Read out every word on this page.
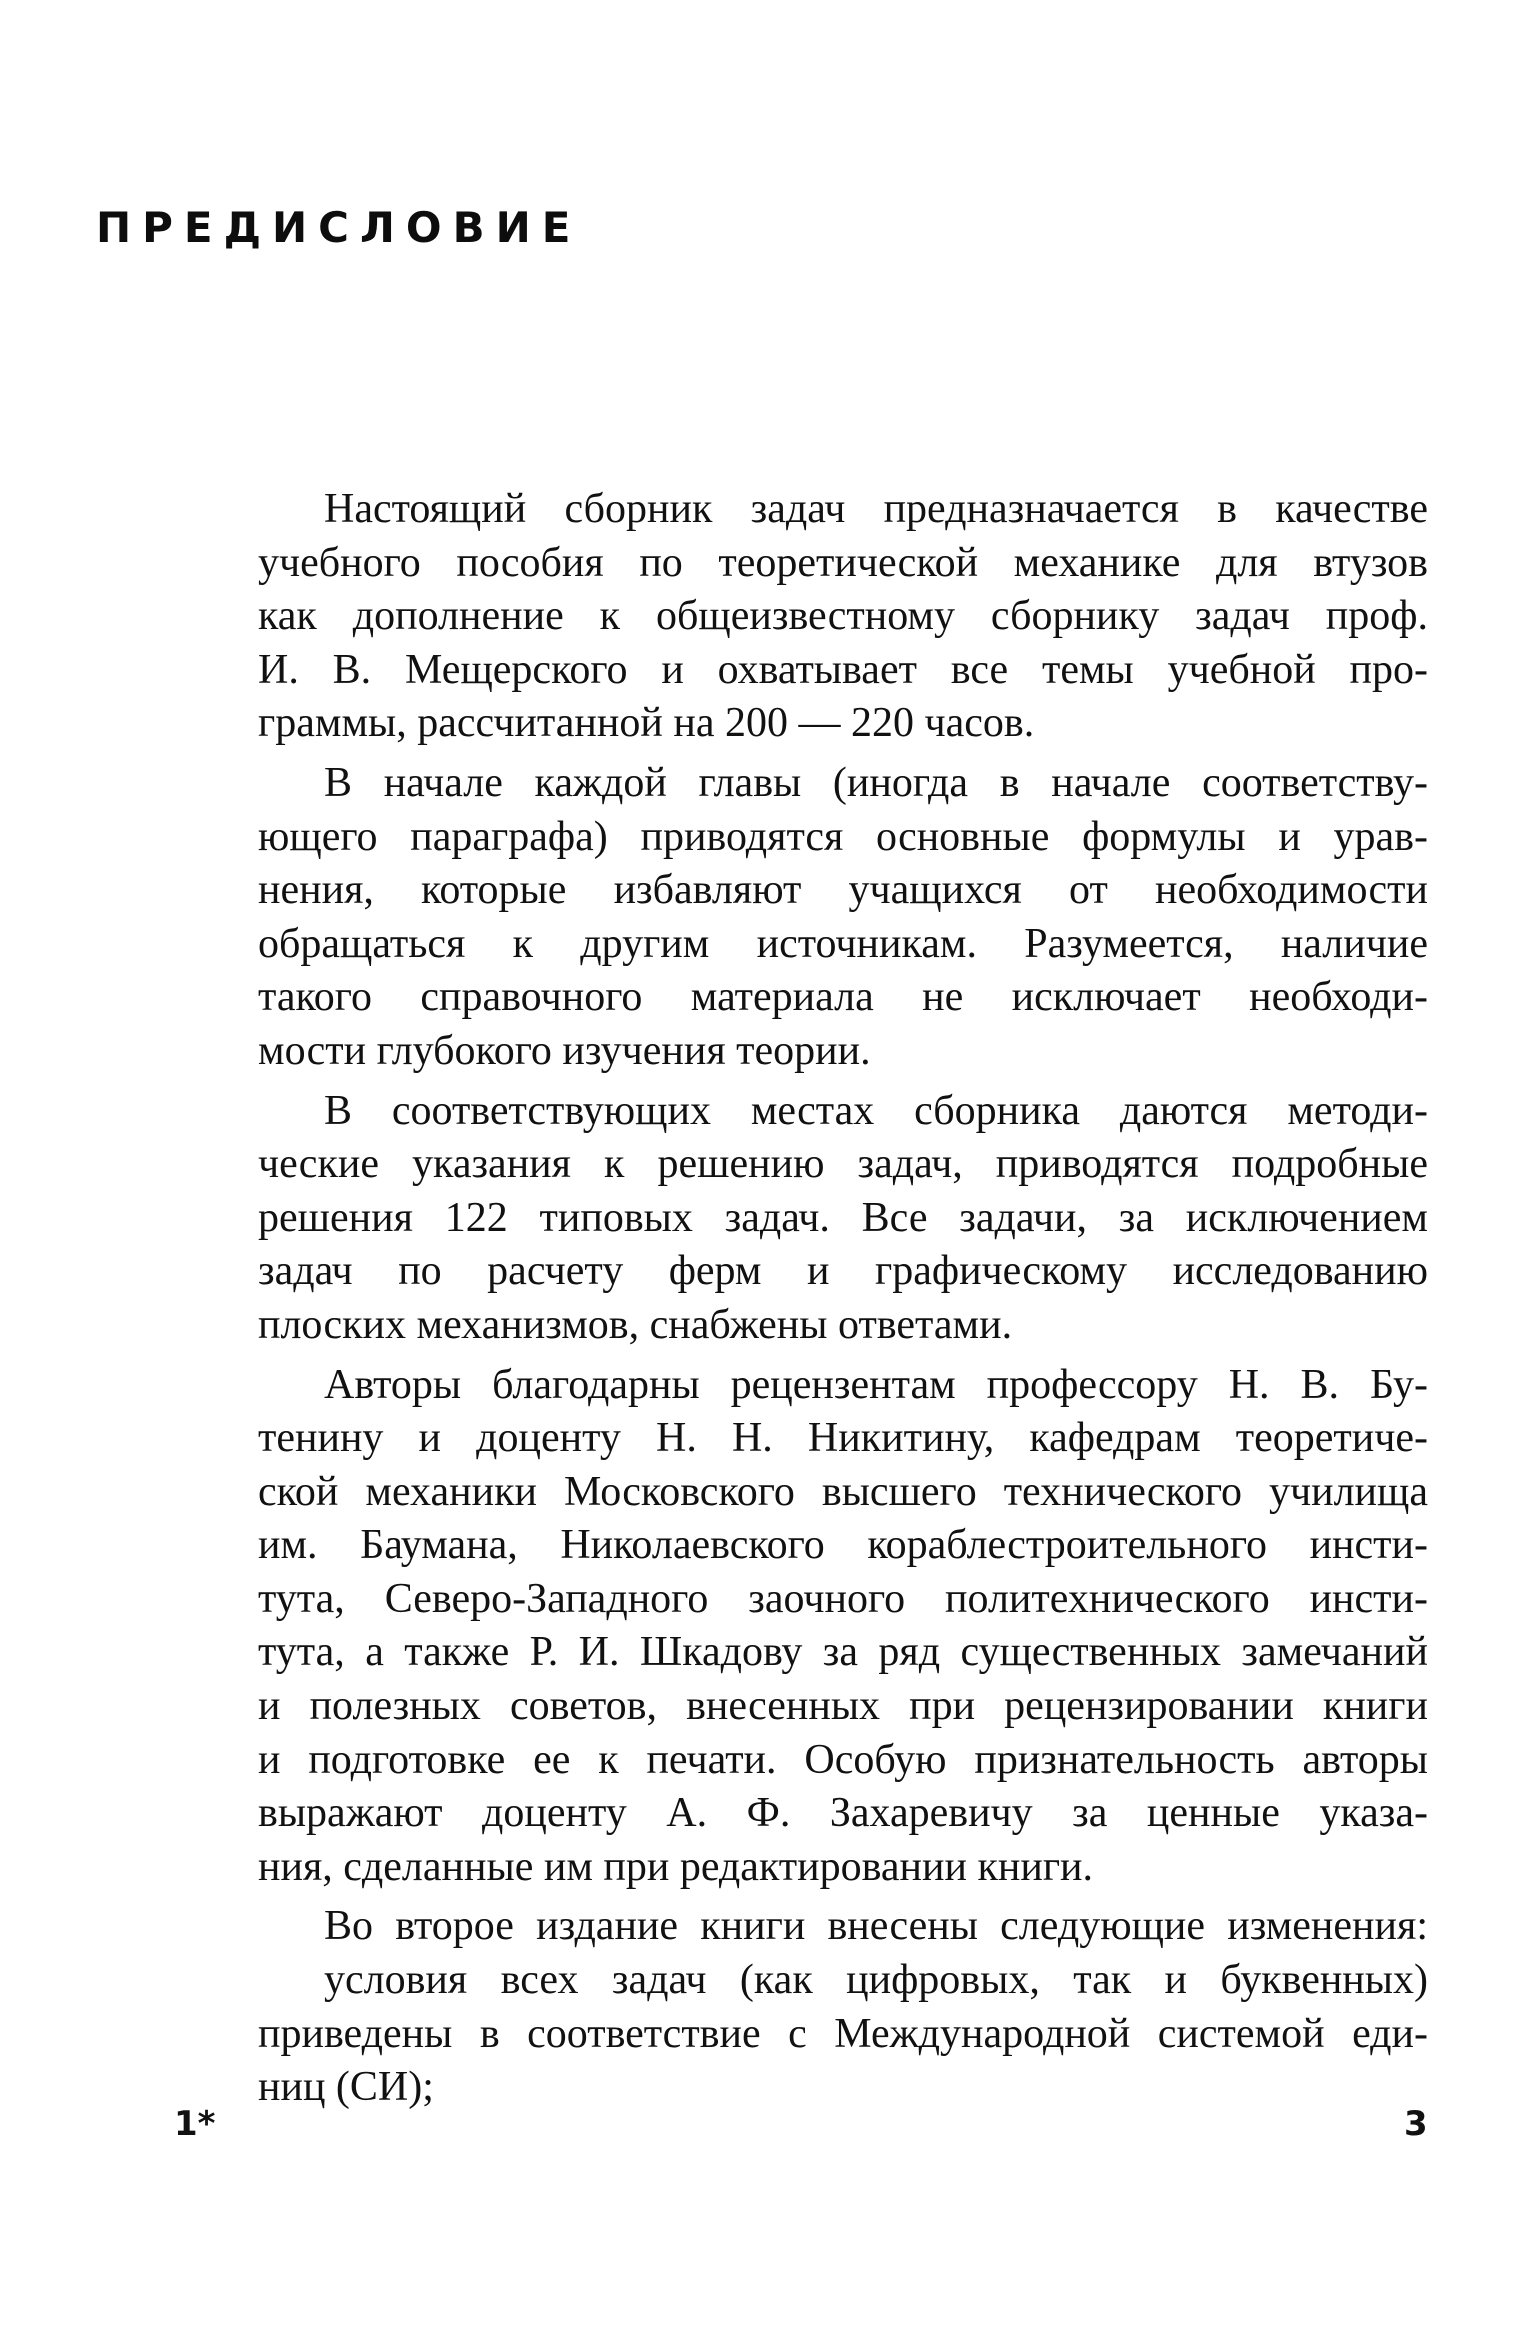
ПРЕДИСЛОВИЕ
Настоящий сборник задач предназначается в качестве
учебного пособия по теоретической механике для втузов
как дополнение к общеизвестному сборнику задач проф.
И. В. Мещерского и охватывает все темы учебной про-
граммы, рассчитанной на 200 — 220 часов.
В начале каждой главы (иногда в начале соответству-
ющего параграфа) приводятся основные формулы и урав-
нения, которые избавляют учащихся от необходимости
обращаться к другим источникам. Разумеется, наличие
такого справочного материала не исключает необходи-
мости глубокого изучения теории.
В соответствующих местах сборника даются методи-
ческие указания к решению задач, приводятся подробные
решения 122 типовых задач. Все задачи, за исключением
задач по расчету ферм и графическому исследованию
плоских механизмов, снабжены ответами.
Авторы благодарны рецензентам профессору Н. В. Бу-
тенину и доценту Н. Н. Никитину, кафедрам теоретиче-
ской механики Московского высшего технического училища
им. Баумана, Николаевского кораблестроительного инсти-
тута, Северо-Западного заочного политехнического инсти-
тута, а также Р. И. Шкадову за ряд существенных замечаний
и полезных советов, внесенных при рецензировании книги
и подготовке ее к печати. Особую признательность авторы
выражают доценту А. Ф. Захаревичу за ценные указа-
ния, сделанные им при редактировании книги.
Во второе издание книги внесены следующие изменения:
условия всех задач (как цифровых, так и буквенных)
приведены в соответствие с Международной системой еди-
ниц (СИ);
1*	3
